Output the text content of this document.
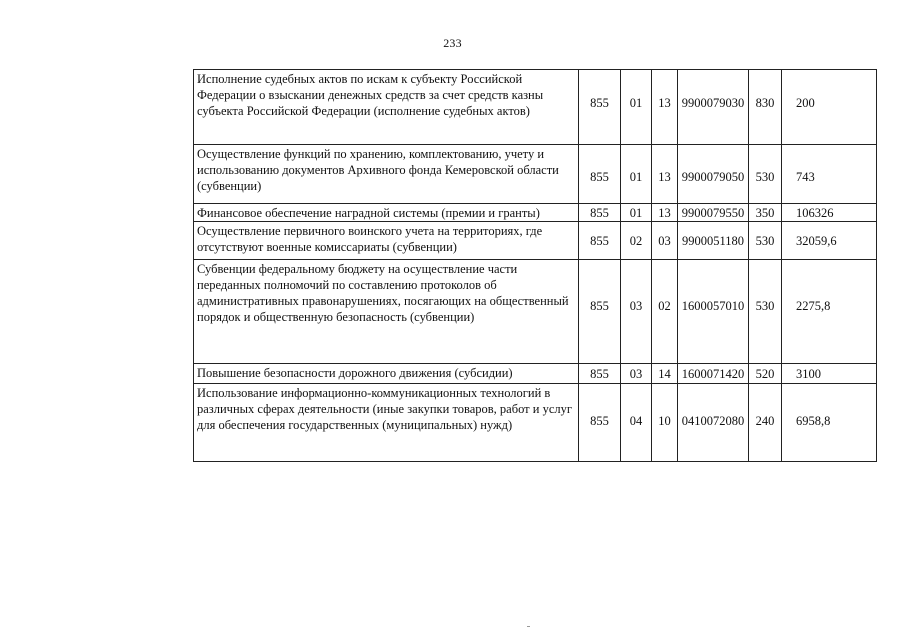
233
Исполнение судебных актов по искам к субъекту Российской Федерации о взыскании денежных средств за счет средств казны субъекта Российской Федерации (исполнение судебных актов)	855	01	13	9900079030	830	200
Осуществление функций по хранению, комплектованию, учету и использованию документов Архивного фонда Кемеровской области (субвенции)	855	01	13	9900079050	530	743
Финансовое обеспечение наградной системы (премии и гранты)	855	01	13	9900079550	350	106326
Осуществление первичного воинского учета на территориях, где отсутствуют военные комиссариаты (субвенции)	855	02	03	9900051180	530	32059,6
Субвенции федеральному бюджету на осуществление части переданных полномочий по составлению протоколов об административных правонарушениях, посягающих на общественный порядок и общественную безопасность (субвенции)	855	03	02	1600057010	530	2275,8
Повышение безопасности дорожного движения (субсидии)	855	03	14	1600071420	520	3100
Использование информационно-коммуникационных технологий в различных сферах деятельности (иные закупки товаров, работ и услуг для обеспечения государственных (муниципальных) нужд)	855	04	10	0410072080	240	6958,8
